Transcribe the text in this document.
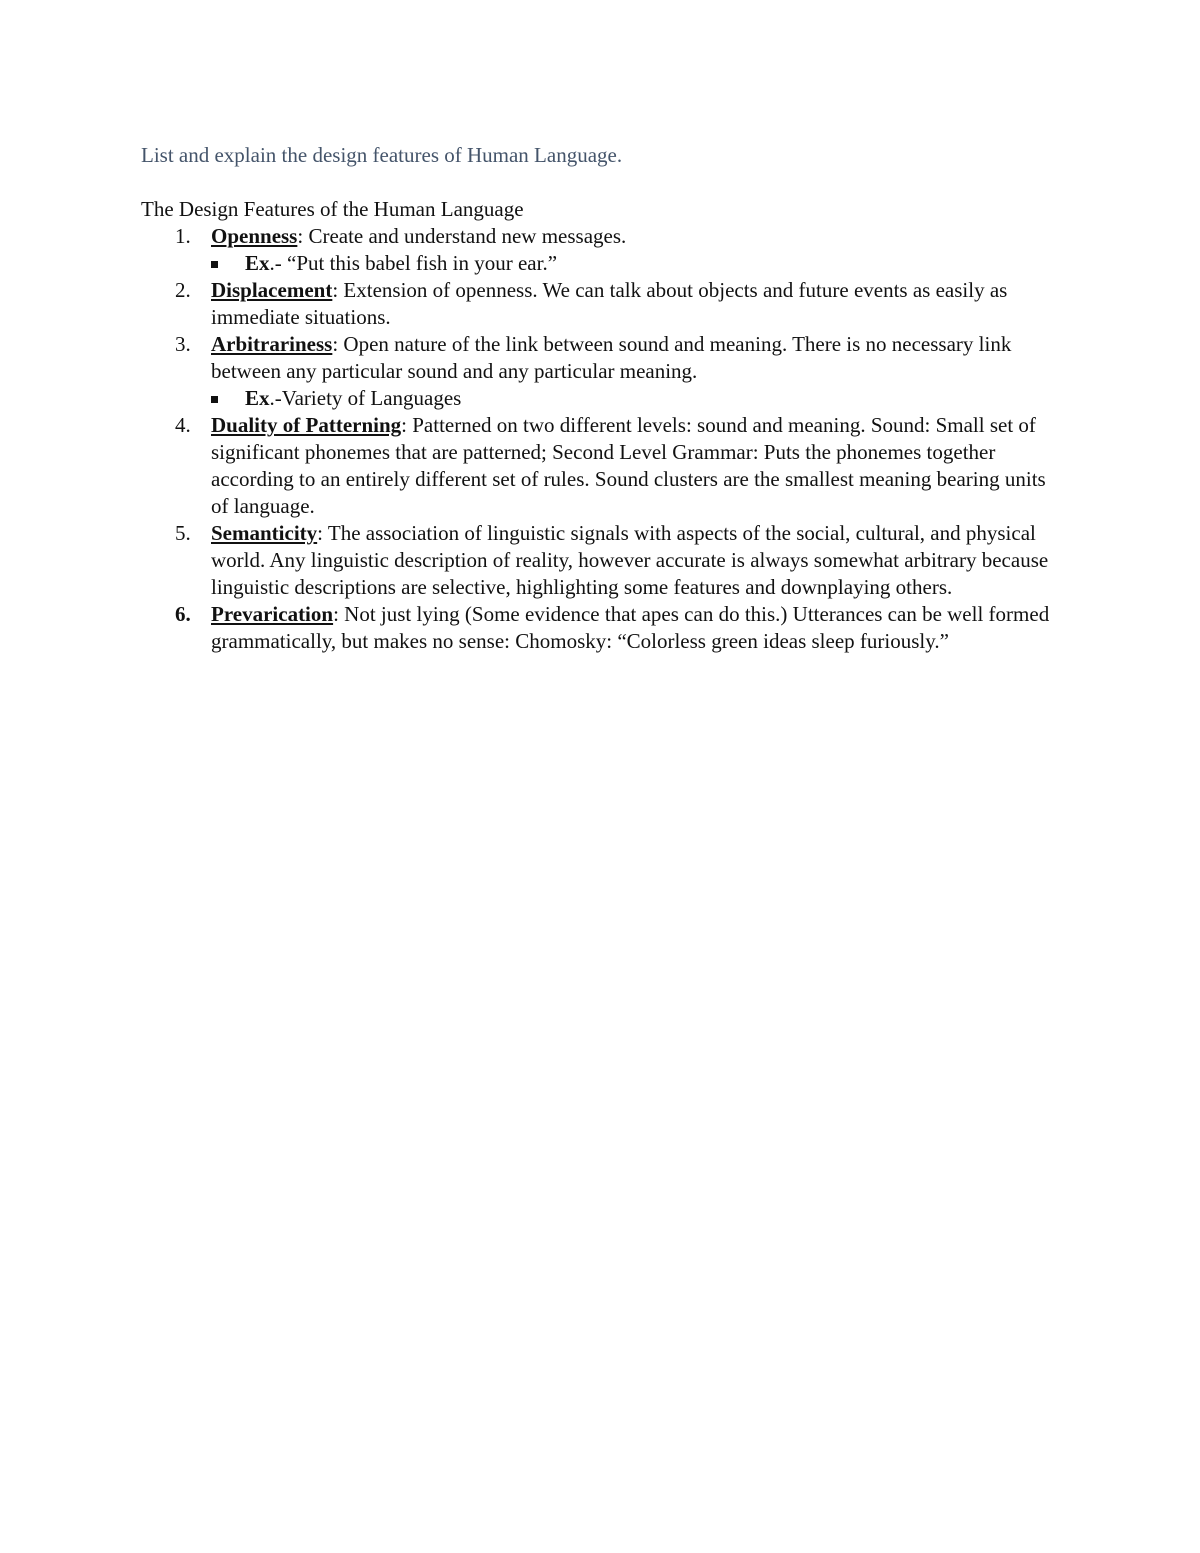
List and explain the design features of Human Language.
The Design Features of the Human Language
1. Openness: Create and understand new messages.
Ex.- “Put this babel fish in your ear.”
2. Displacement: Extension of openness. We can talk about objects and future events as easily as immediate situations.
3. Arbitrariness: Open nature of the link between sound and meaning. There is no necessary link between any particular sound and any particular meaning.
Ex.-Variety of Languages
4. Duality of Patterning: Patterned on two different levels: sound and meaning. Sound: Small set of significant phonemes that are patterned; Second Level Grammar: Puts the phonemes together according to an entirely different set of rules. Sound clusters are the smallest meaning bearing units of language.
5. Semanticity: The association of linguistic signals with aspects of the social, cultural, and physical world. Any linguistic description of reality, however accurate is always somewhat arbitrary because linguistic descriptions are selective, highlighting some features and downplaying others.
6. Prevarication: Not just lying (Some evidence that apes can do this.) Utterances can be well formed grammatically, but makes no sense: Chomosky: “Colorless green ideas sleep furiously.”
